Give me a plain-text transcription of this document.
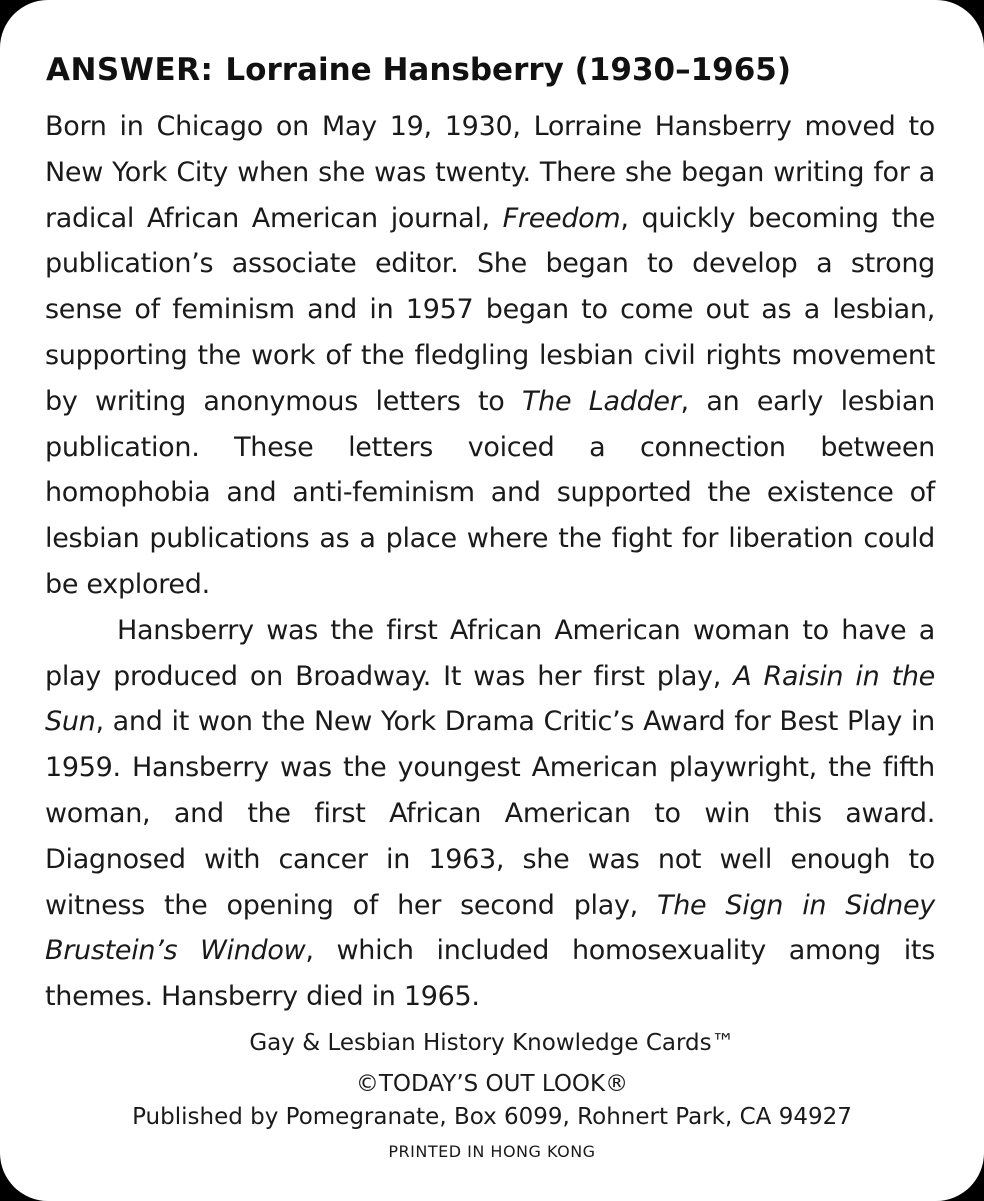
ANSWER: Lorraine Hansberry (1930–1965)

Born in Chicago on May 19, 1930, Lorraine Hansberry moved to New York City when she was twenty. There she began writing for a radical African American journal, Freedom, quickly becoming the publication’s associate editor. She began to develop a strong sense of feminism and in 1957 began to come out as a lesbian, supporting the work of the fledgling lesbian civil rights movement by writing anonymous letters to The Ladder, an early lesbian publication. These letters voiced a connection between homophobia and anti-feminism and supported the existence of lesbian publications as a place where the fight for liberation could be explored.

Hansberry was the first African American woman to have a play produced on Broadway. It was her first play, A Raisin in the Sun, and it won the New York Drama Critic’s Award for Best Play in 1959. Hansberry was the youngest American playwright, the fifth woman, and the first African American to win this award. Diagnosed with cancer in 1963, she was not well enough to witness the opening of her second play, The Sign in Sidney Brustein’s Window, which included homosexuality among its themes. Hansberry died in 1965.

Gay & Lesbian History Knowledge Cards™
©TODAY’S OUT LOOK®
Published by Pomegranate, Box 6099, Rohnert Park, CA 94927
PRINTED IN HONG KONG
